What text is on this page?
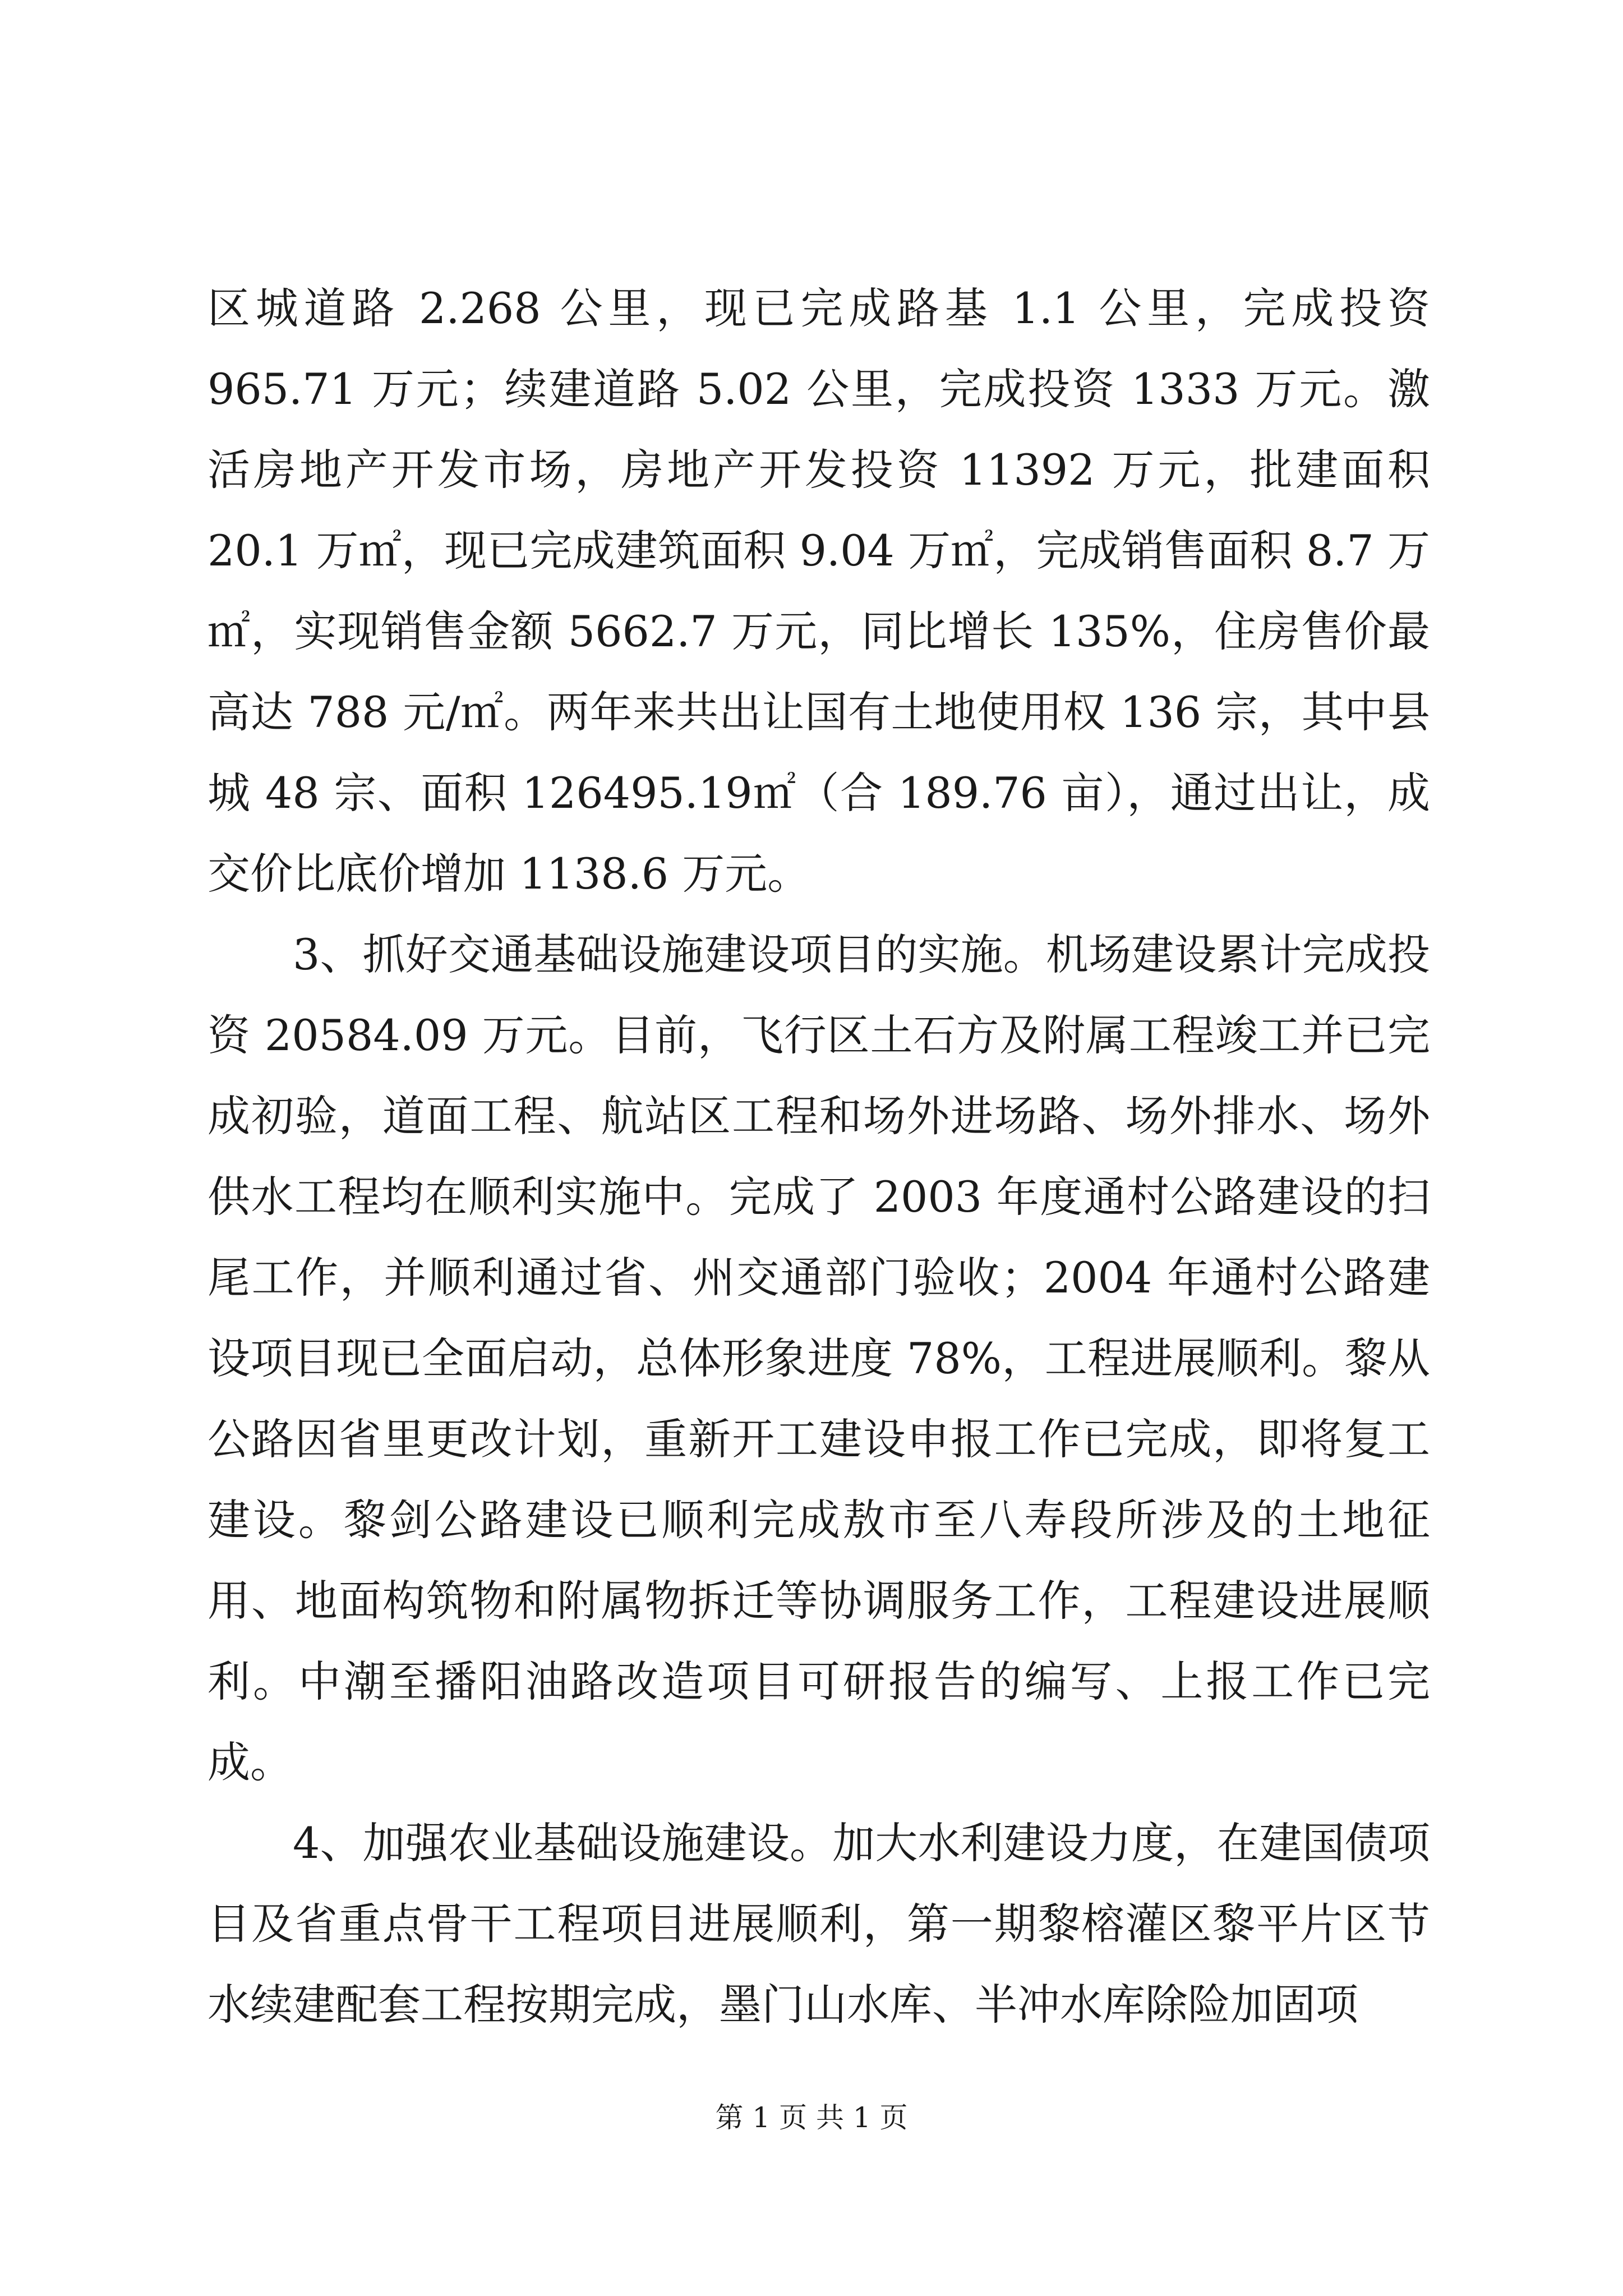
区城道路 2.268 公里，现已完成路基 1.1 公里，完成投资 965.71 万元；续建道路 5.02 公里，完成投资 1333 万元。激活房地产开发市场，房地产开发投资 11392 万元，批建面积 20.1 万㎡，现已完成建筑面积 9.04 万㎡，完成销售面积 8.7 万㎡，实现销售金额 5662.7 万元，同比增长 135%，住房售价最高达 788 元/㎡。两年来共出让国有土地使用权 136 宗，其中县城 48 宗、面积 126495.19㎡（合 189.76 亩），通过出让，成交价比底价增加 1138.6 万元。

3、抓好交通基础设施建设项目的实施。机场建设累计完成投资 20584.09 万元。目前，飞行区土石方及附属工程竣工并已完成初验，道面工程、航站区工程和场外进场路、场外排水、场外供水工程均在顺利实施中。完成了 2003 年度通村公路建设的扫尾工作，并顺利通过省、州交通部门验收；2004 年通村公路建设项目现已全面启动，总体形象进度 78%，工程进展顺利。黎从公路因省里更改计划，重新开工建设申报工作已完成，即将复工建设。黎剑公路建设已顺利完成敖市至八寿段所涉及的土地征用、地面构筑物和附属物拆迁等协调服务工作，工程建设进展顺利。中潮至播阳油路改造项目可研报告的编写、上报工作已完成。

4、加强农业基础设施建设。加大水利建设力度，在建国债项目及省重点骨干工程项目进展顺利，第一期黎榕灌区黎平片区节水续建配套工程按期完成，墨门山水库、半冲水库除险加固项

第 1 页 共 1 页
